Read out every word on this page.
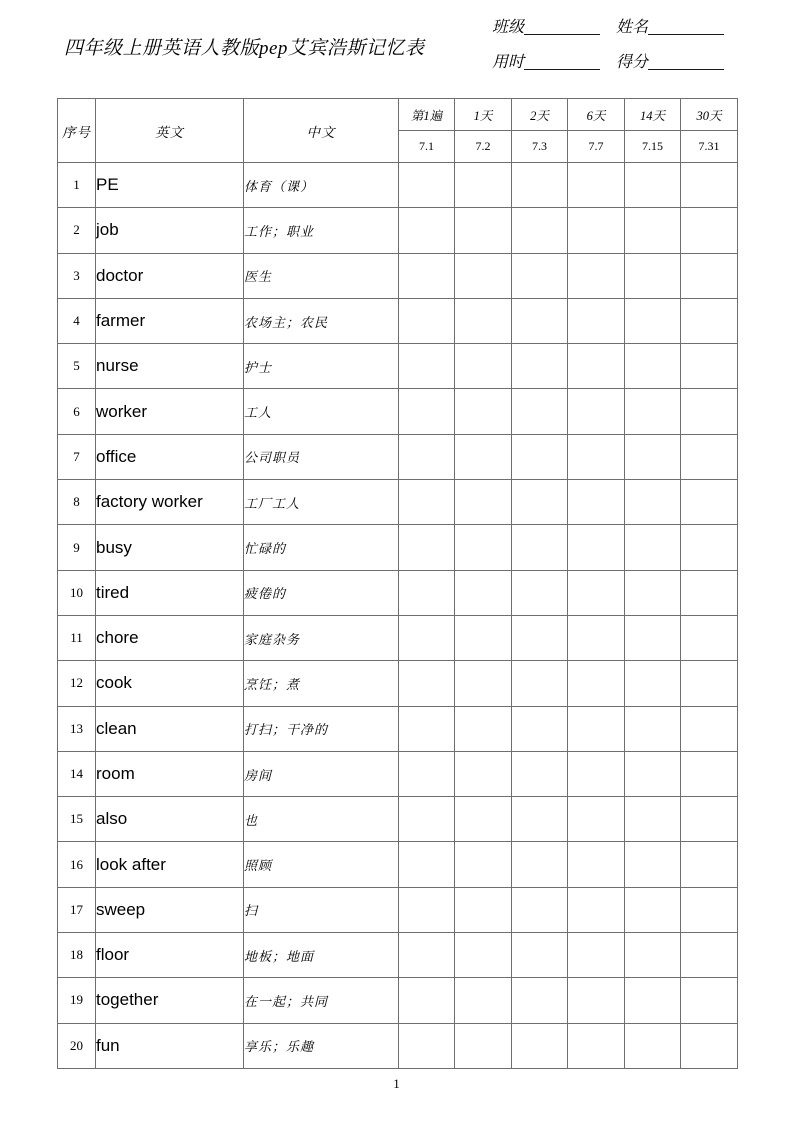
四年级上册英语人教版pep艾宾浩斯记忆表
班级	姓名
用时	得分
序号	英文	中文	第1遍	1天	2天	6天	14天	30天
			7.1	7.2	7.3	7.7	7.15	7.31
1	PE	体育（课）						
2	job	工作；职业						
3	doctor	医生						
4	farmer	农场主；农民						
5	nurse	护士						
6	worker	工人						
7	office	公司职员						
8	factory worker	工厂工人						
9	busy	忙碌的						
10	tired	疲倦的						
11	chore	家庭杂务						
12	cook	烹饪；煮						
13	clean	打扫；干净的						
14	room	房间						
15	also	也						
16	look after	照顾						
17	sweep	扫						
18	floor	地板；地面						
19	together	在一起；共同						
20	fun	享乐；乐趣						
1
